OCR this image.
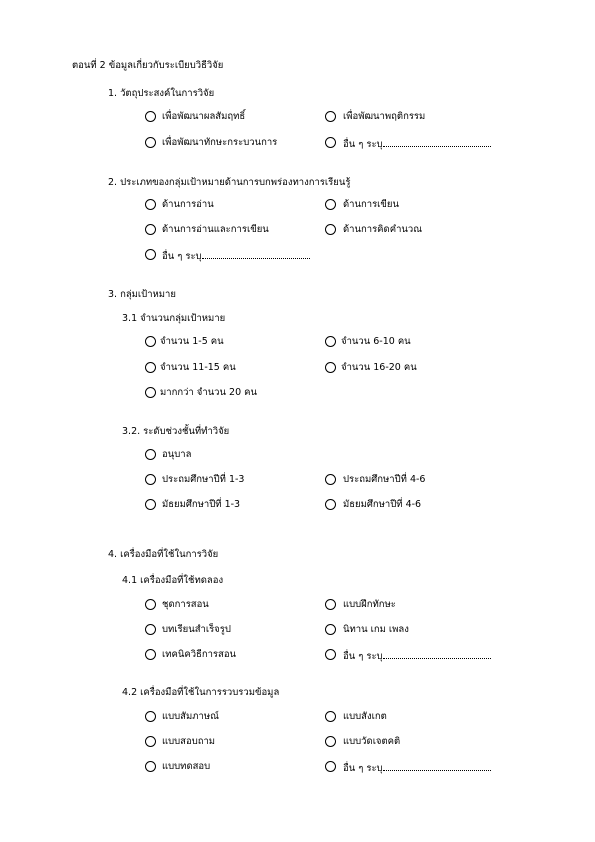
ตอนที่ 2 ข้อมูลเกี่ยวกับระเบียบวิธีวิจัย
1. วัตถุประสงค์ในการวิจัย
เพื่อพัฒนาผลสัมฤทธิ์	เพื่อพัฒนาพฤติกรรม
เพื่อพัฒนาทักษะกระบวนการ	อื่น ๆ ระบุ
2. ประเภทของกลุ่มเป้าหมายด้านการบกพร่องทางการเรียนรู้
ด้านการอ่าน	ด้านการเขียน
ด้านการอ่านและการเขียน	ด้านการคิดคำนวณ
อื่น ๆ ระบุ
3. กลุ่มเป้าหมาย
3.1 จำนวนกลุ่มเป้าหมาย
จำนวน 1-5 คน	จำนวน 6-10 คน
จำนวน 11-15 คน	จำนวน 16-20 คน
มากกว่า จำนวน 20 คน
3.2. ระดับช่วงชั้นที่ทำวิจัย
อนุบาล
ประถมศึกษาปีที่ 1-3	ประถมศึกษาปีที่ 4-6
มัธยมศึกษาปีที่ 1-3	มัธยมศึกษาปีที่ 4-6
4. เครื่องมือที่ใช้ในการวิจัย
4.1 เครื่องมือที่ใช้ทดลอง
ชุดการสอน	แบบฝึกทักษะ
บทเรียนสำเร็จรูป	นิทาน เกม เพลง
เทคนิควิธีการสอน	อื่น ๆ ระบุ
4.2 เครื่องมือที่ใช้ในการรวบรวมข้อมูล
แบบสัมภาษณ์	แบบสังเกต
แบบสอบถาม	แบบวัดเจตคติ
แบบทดสอบ	อื่น ๆ ระบุ
